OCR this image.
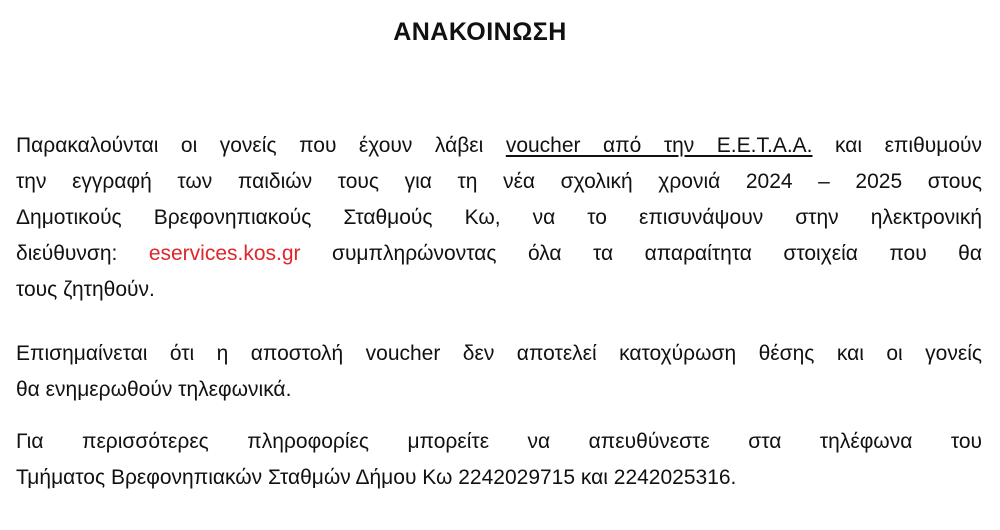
ΑΝΑΚΟΙΝΩΣΗ
Παρακαλούνται οι γονείς που έχουν λάβει voucher από την Ε.Ε.Τ.Α.Α. και επιθυμούν
την εγγραφή των παιδιών τους για τη νέα σχολική χρονιά 2024 – 2025 στους
Δημοτικούς Βρεφονηπιακούς Σταθμούς Κω, να το επισυνάψουν στην ηλεκτρονική
διεύθυνση: eservices.kos.gr συμπληρώνοντας όλα τα απαραίτητα στοιχεία που θα
τους ζητηθούν.
Επισημαίνεται ότι η αποστολή voucher δεν αποτελεί κατοχύρωση θέσης και οι γονείς
θα ενημερωθούν τηλεφωνικά.
Για περισσότερες πληροφορίες μπορείτε να απευθύνεστε στα τηλέφωνα του
Τμήματος Βρεφονηπιακών Σταθμών Δήμου Κω 2242029715 και 2242025316.
